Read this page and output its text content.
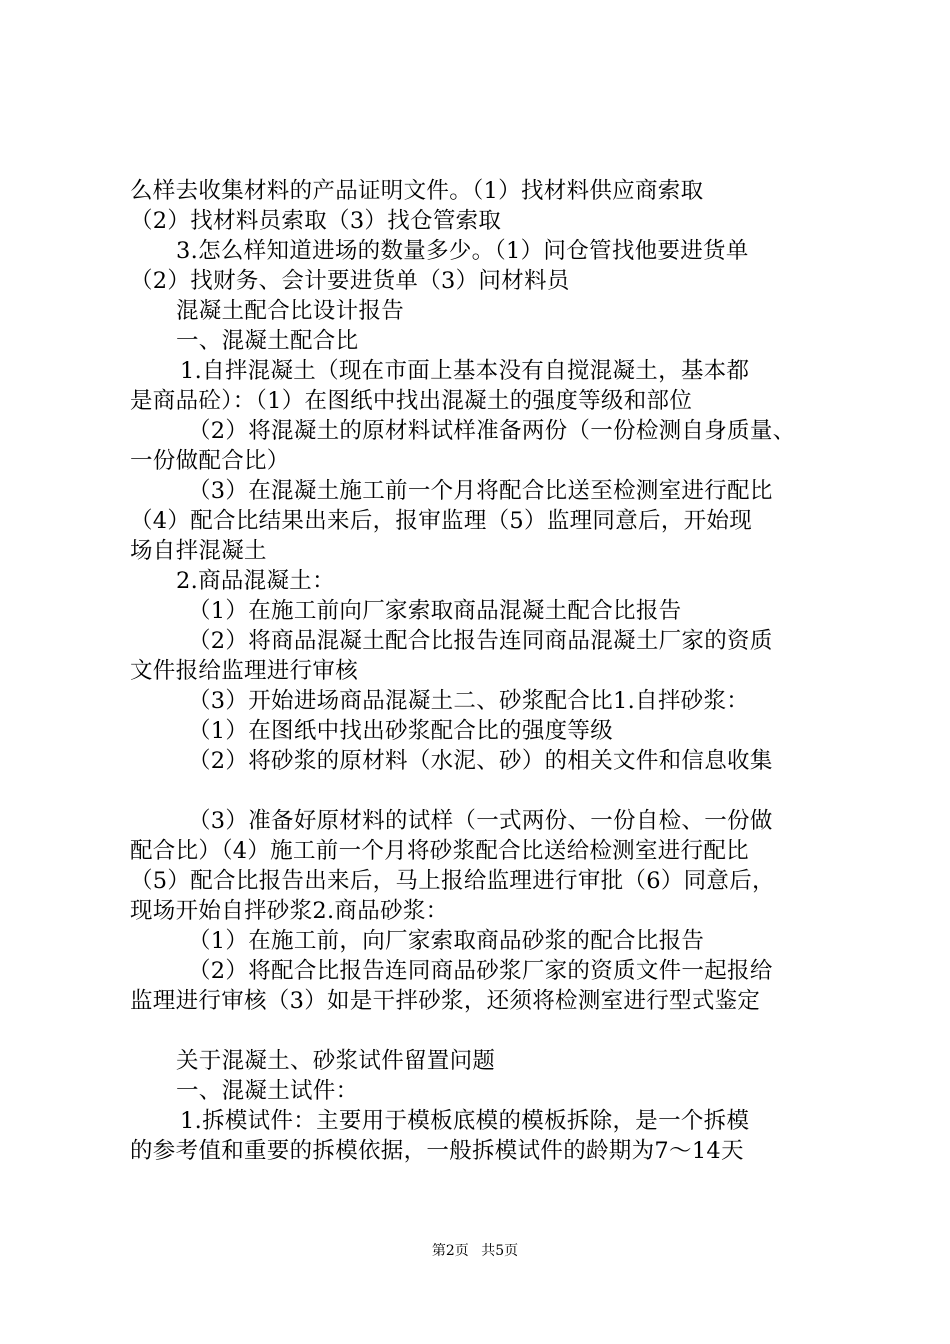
么样去收集材料的产品证明文件。（1）找材料供应商索取
（2）找材料员索取（3）找仓管索取
3.怎么样知道进场的数量多少。（1）问仓管找他要进货单
（2）找财务、会计要进货单（3）问材料员
混凝土配合比设计报告
一、混凝土配合比
1.自拌混凝土（现在市面上基本没有自搅混凝土，基本都
是商品砼）：（1）在图纸中找出混凝土的强度等级和部位
（2）将混凝土的原材料试样准备两份（一份检测自身质量、
一份做配合比）
（3）在混凝土施工前一个月将配合比送至检测室进行配比
（4）配合比结果出来后，报审监理（5）监理同意后，开始现
场自拌混凝土
2.商品混凝土：
（1）在施工前向厂家索取商品混凝土配合比报告
（2）将商品混凝土配合比报告连同商品混凝土厂家的资质
文件报给监理进行审核
（3）开始进场商品混凝土二、砂浆配合比1.自拌砂浆：
（1）在图纸中找出砂浆配合比的强度等级
（2）将砂浆的原材料（水泥、砂）的相关文件和信息收集
（3）准备好原材料的试样（一式两份、一份自检、一份做
配合比）（4）施工前一个月将砂浆配合比送给检测室进行配比
（5）配合比报告出来后，马上报给监理进行审批（6）同意后，
现场开始自拌砂浆2.商品砂浆：
（1）在施工前，向厂家索取商品砂浆的配合比报告
（2）将配合比报告连同商品砂浆厂家的资质文件一起报给
监理进行审核（3）如是干拌砂浆，还须将检测室进行型式鉴定
关于混凝土、砂浆试件留置问题
一、混凝土试件：
1.拆模试件：主要用于模板底模的模板拆除，是一个拆模
的参考值和重要的拆模依据，一般拆模试件的龄期为7～14天
第2页 共5页
